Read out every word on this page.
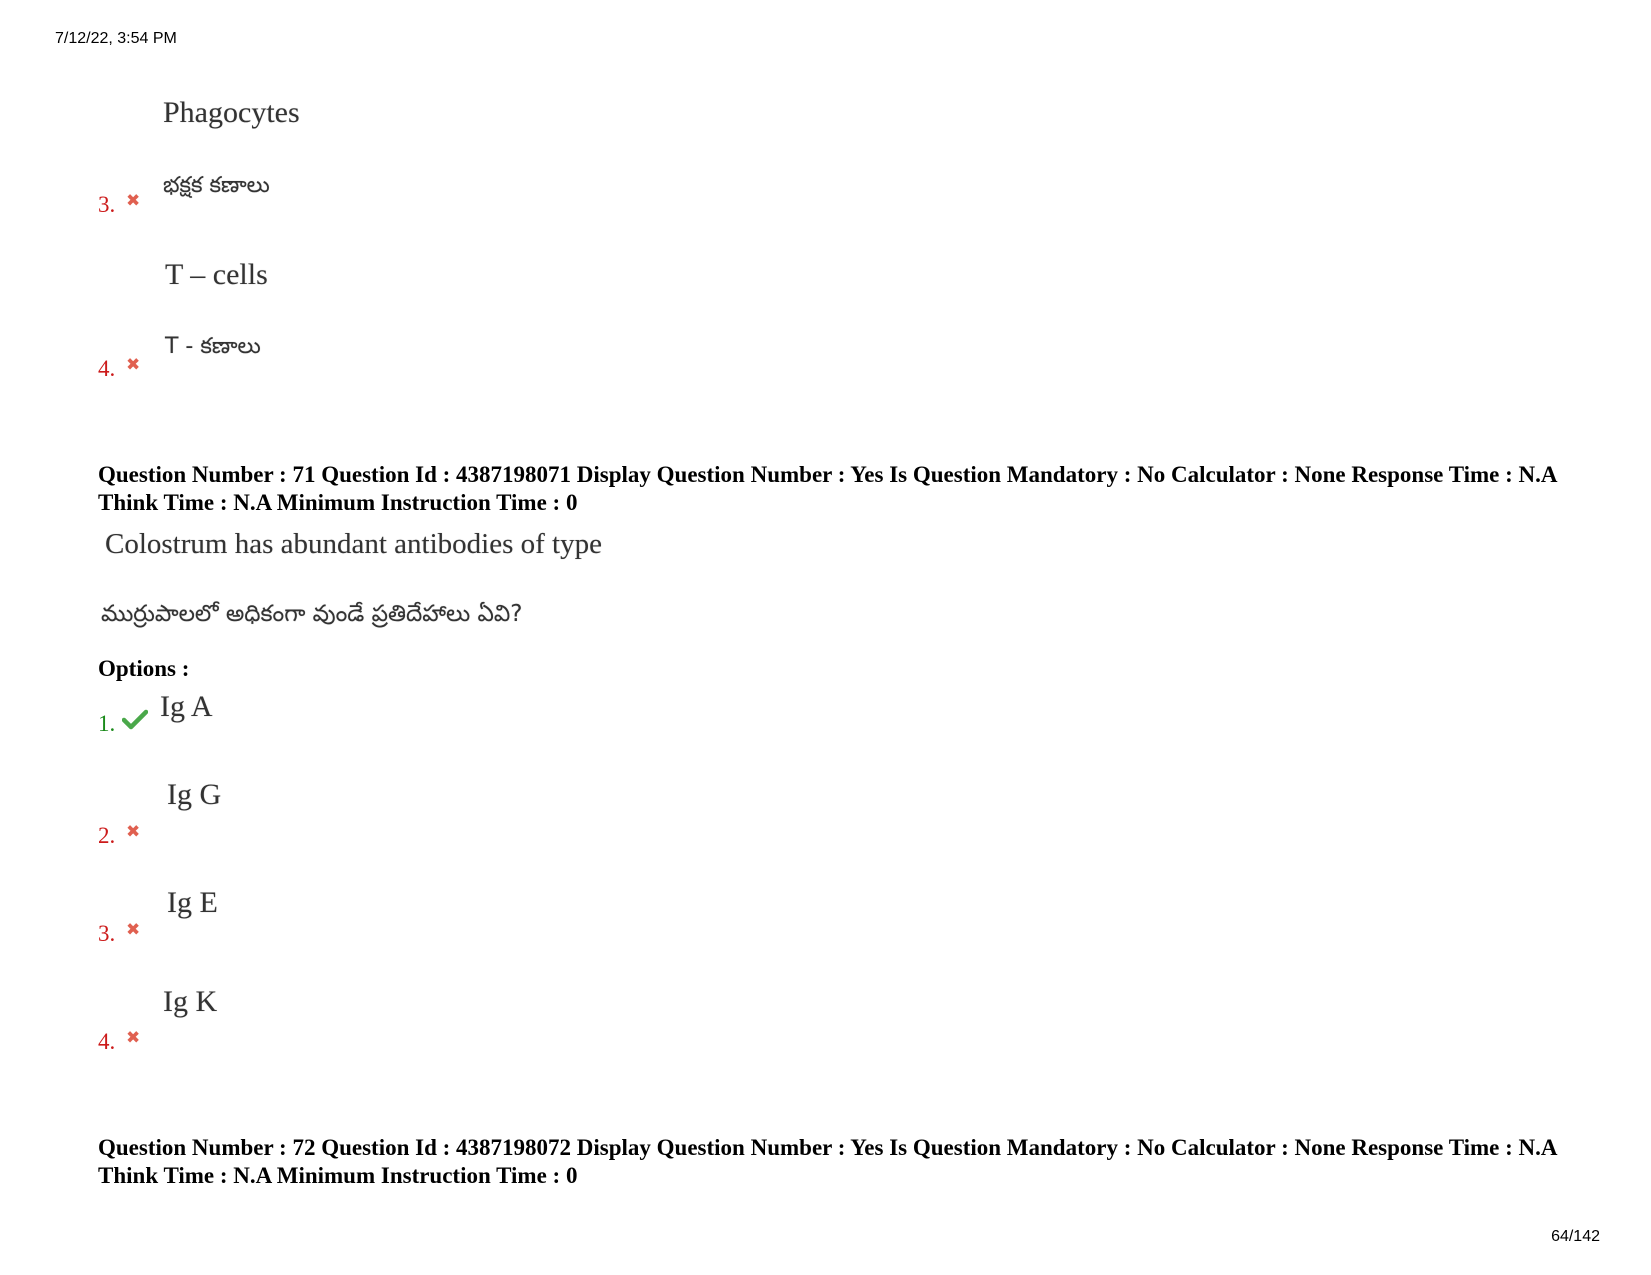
7/12/22, 3:54 PM
64/142
Phagocytes
భక్షక కణాలు
3. ✖
T – cells
T - కణాలు
4. ✖
Question Number : 71 Question Id : 4387198071 Display Question Number : Yes Is Question Mandatory : No Calculator : None Response Time : N.A Think Time : N.A Minimum Instruction Time : 0
Colostrum has abundant antibodies of type
ముర్రుపాలలో అధికంగా వుండే ప్రతిదేహాలు ఏవి?
Options :
Ig A
1.
Ig G
2. ✖
Ig E
3. ✖
Ig K
4. ✖
Question Number : 72 Question Id : 4387198072 Display Question Number : Yes Is Question Mandatory : No Calculator : None Response Time : N.A Think Time : N.A Minimum Instruction Time : 0
